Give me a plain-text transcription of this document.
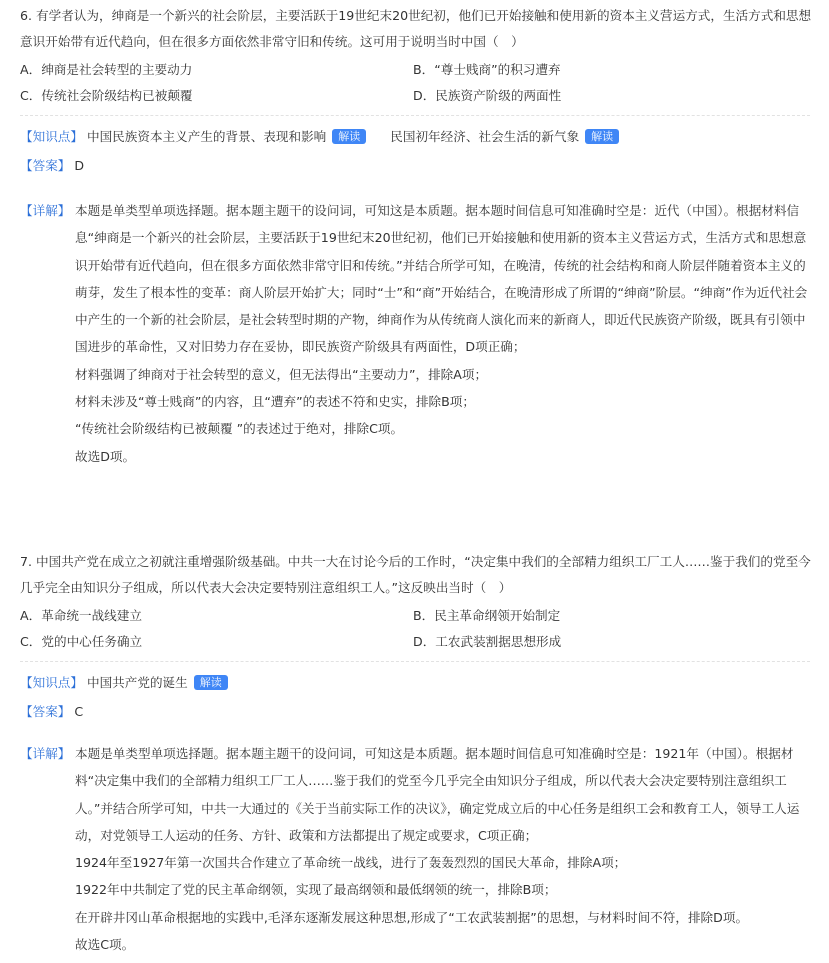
6. 有学者认为，绅商是一个新兴的社会阶层，主要活跃于19世纪末20世纪初，他们已开始接触和使用新的资本主义营运方式，生活方式和思想意识开始带有近代趋向，但在很多方面依然非常守旧和传统。这可用于说明当时中国（　）

A．绅商是社会转型的主要动力	B．“尊士贱商”的积习遭弃
C．传统社会阶级结构已被颠覆	D．民族资产阶级的两面性
【知识点】 中国民族资本主义产生的背景、表现和影响 解读 民国初年经济、社会生活的新气象 解读
【答案】 D
【详解】 本题是单类型单项选择题。据本题主题干的设问词，可知这是本质题。据本题时间信息可知准确时空是：近代（中国）。根据材料信息“绅商是一个新兴的社会阶层，主要活跃于19世纪末20世纪初，他们已开始接触和使用新的资本主义营运方式，生活方式和思想意识开始带有近代趋向，但在很多方面依然非常守旧和传统。”并结合所学可知，在晚清，传统的社会结构和商人阶层伴随着资本主义的萌芽，发生了根本性的变革：商人阶层开始扩大；同时“士”和“商”开始结合，在晚清形成了所谓的“绅商”阶层。“绅商”作为近代社会中产生的一个新的社会阶层，是社会转型时期的产物，绅商作为从传统商人演化而来的新商人，即近代民族资产阶级，既具有引领中国进步的革命性，又对旧势力存在妥协，即民族资产阶级具有两面性，D项正确；

材料强调了绅商对于社会转型的意义，但无法得出“主要动力”，排除A项；

材料未涉及“尊士贱商”的内容，且“遭弃”的表述不符和史实，排除B项；

“传统社会阶级结构已被颠覆 ”的表述过于绝对，排除C项。

故选D项。

7. 中国共产党在成立之初就注重增强阶级基础。中共一大在讨论今后的工作时，“决定集中我们的全部精力组织工厂工人……鉴于我们的党至今几乎完全由知识分子组成，所以代表大会决定要特别注意组织工人。”这反映出当时（　）

A．革命统一战线建立	B．民主革命纲领开始制定
C．党的中心任务确立	D．工农武装割据思想形成
【知识点】 中国共产党的诞生 解读
【答案】 C
【详解】 本题是单类型单项选择题。据本题主题干的设问词，可知这是本质题。据本题时间信息可知准确时空是：1921年（中国）。根据材料“决定集中我们的全部精力组织工厂工人……鉴于我们的党至今几乎完全由知识分子组成，所以代表大会决定要特别注意组织工人。”并结合所学可知，中共一大通过的《关于当前实际工作的决议》，确定党成立后的中心任务是组织工会和教育工人，领导工人运动，对党领导工人运动的任务、方针、政策和方法都提出了规定或要求，C项正确；

1924年至1927年第一次国共合作建立了革命统一战线，进行了轰轰烈烈的国民大革命，排除A项；

1922年中共制定了党的民主革命纲领，实现了最高纲领和最低纲领的统一，排除B项；

在开辟井冈山革命根据地的实践中,毛泽东逐渐发展这种思想,形成了“工农武装割据”的思想，与材料时间不符，排除D项。

故选C项。
